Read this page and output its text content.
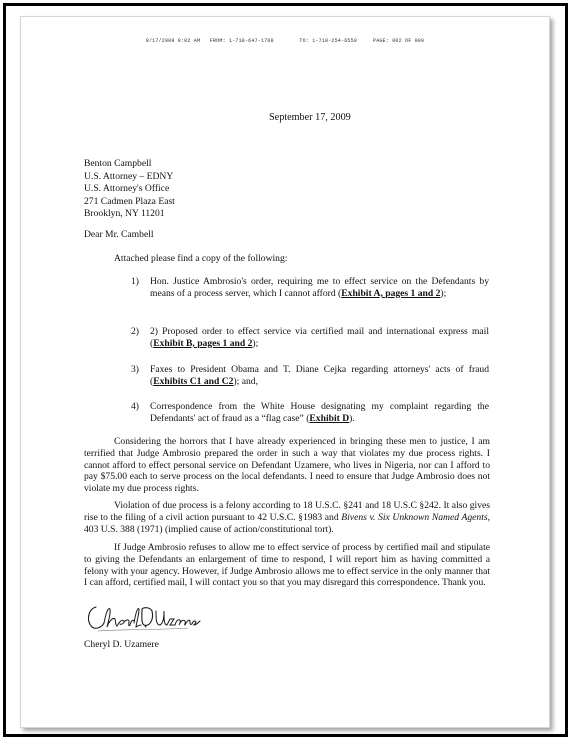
9/17/2009 9:02 AM   FROM: 1-718-647-1708        TO: 1-718-254-6550     PAGE: 002 OF 009
September 17, 2009
Benton Campbell
U.S. Attorney – EDNY
U.S. Attorney's Office
271 Cadmen Plaza East
Brooklyn, NY 11201
Dear Mr. Cambell
Attached please find a copy of the following:
1) Hon. Justice Ambrosio's order, requiring me to effect service on the Defendants by means of a process server, which I cannot afford (Exhibit A, pages 1 and 2);
2) 2) Proposed order to effect service via certified mail and international express mail (Exhibit B, pages 1 and 2);
3) Faxes to President Obama and T. Diane Cejka regarding attorneys' acts of fraud (Exhibits C1 and C2); and,
4) Correspondence from the White House designating my complaint regarding the Defendants' act of fraud as a “flag case” (Exhibit D).
Considering the horrors that I have already experienced in bringing these men to justice, I am terrified that Judge Ambrosio prepared the order in such a way that violates my due process rights. I cannot afford to effect personal service on Defendant Uzamere, who lives in Nigeria, nor can I afford to pay $75.00 each to serve process on the local defendants. I need to ensure that Judge Ambrosio does not violate my due process rights.
Violation of due process is a felony according to 18 U.S.C. §241 and 18 U.S.C §242. It also gives rise to the filing of a civil action pursuant to 42 U.S.C. §1983 and Bivens v. Six Unknown Named Agents, 403 U.S. 388 (1971) (implied cause of action/constitutional tort).
If Judge Ambrosio refuses to allow me to effect service of process by certified mail and stipulate to giving the Defendants an enlargement of time to respond, I will report him as having committed a felony with your agency. However, if Judge Ambrosio allows me to effect service in the only manner that I can afford, certified mail, I will contact you so that you may disregard this correspondence. Thank you.
Cheryl D. Uzamere
